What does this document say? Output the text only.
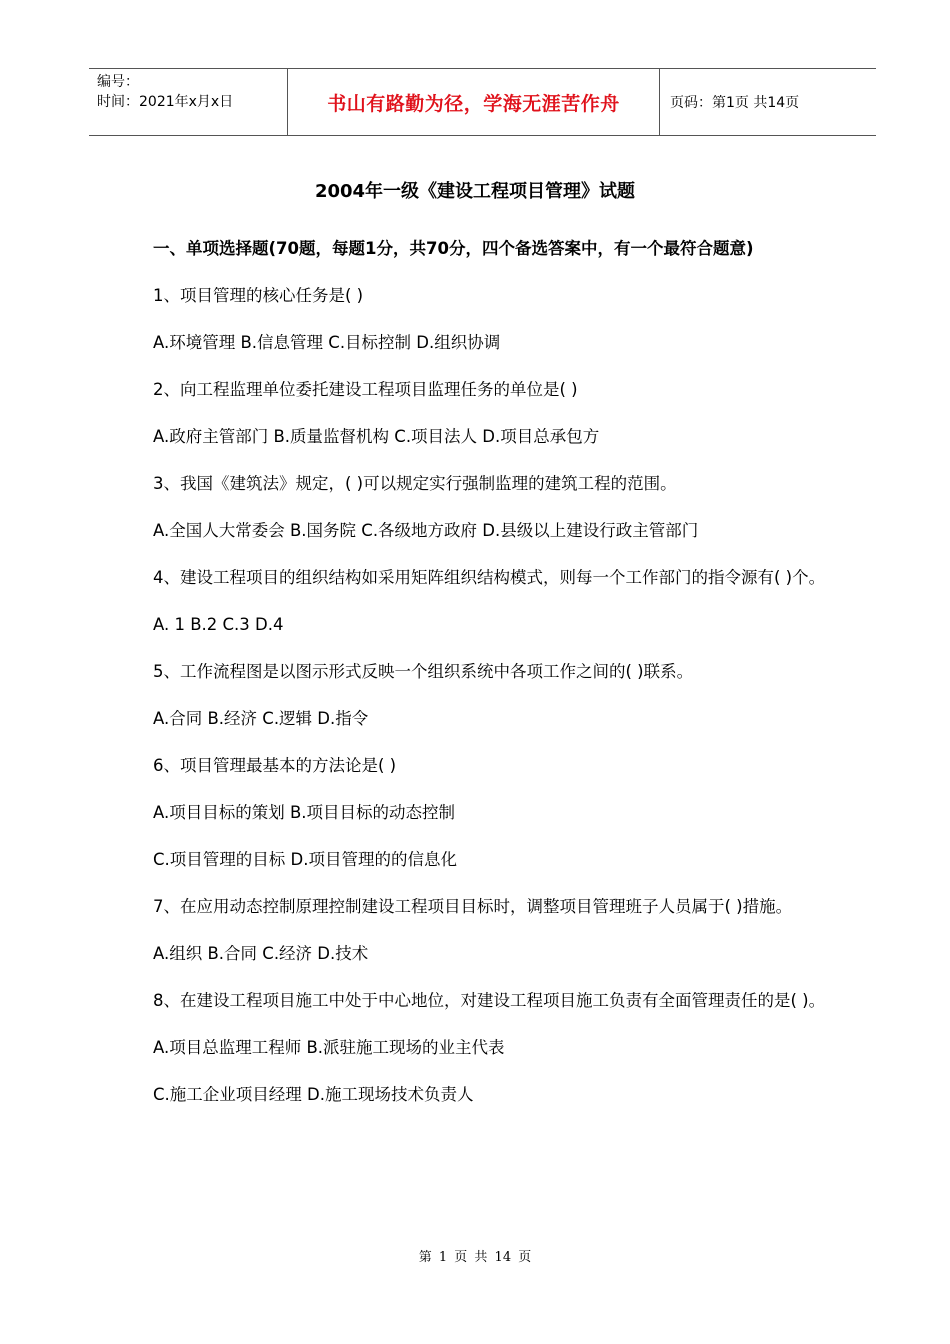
编号：
时间：2021年x月x日	书山有路勤为径，学海无涯苦作舟	页码：第1页 共14页
2004年一级《建设工程项目管理》试题

一、单项选择题(70题，每题1分，共70分，四个备选答案中，有一个最符合题意)

1、项目管理的核心任务是( )

A.环境管理 B.信息管理 C.目标控制 D.组织协调

2、向工程监理单位委托建设工程项目监理任务的单位是( )

A.政府主管部门 B.质量监督机构 C.项目法人 D.项目总承包方

3、我国《建筑法》规定，( )可以规定实行强制监理的建筑工程的范围。

A.全国人大常委会 B.国务院 C.各级地方政府 D.县级以上建设行政主管部门

4、建设工程项目的组织结构如采用矩阵组织结构模式，则每一个工作部门的指令源有( )个。

A. 1 B.2 C.3 D.4

5、工作流程图是以图示形式反映一个组织系统中各项工作之间的( )联系。

A.合同 B.经济 C.逻辑 D.指令

6、项目管理最基本的方法论是( )

A.项目目标的策划 B.项目目标的动态控制

C.项目管理的目标 D.项目管理的的信息化

7、在应用动态控制原理控制建设工程项目目标时，调整项目管理班子人员属于( )措施。

A.组织 B.合同 C.经济 D.技术

8、在建设工程项目施工中处于中心地位，对建设工程项目施工负责有全面管理责任的是( )。

A.项目总监理工程师 B.派驻施工现场的业主代表

C.施工企业项目经理 D.施工现场技术负责人

第 1 页 共 14 页
